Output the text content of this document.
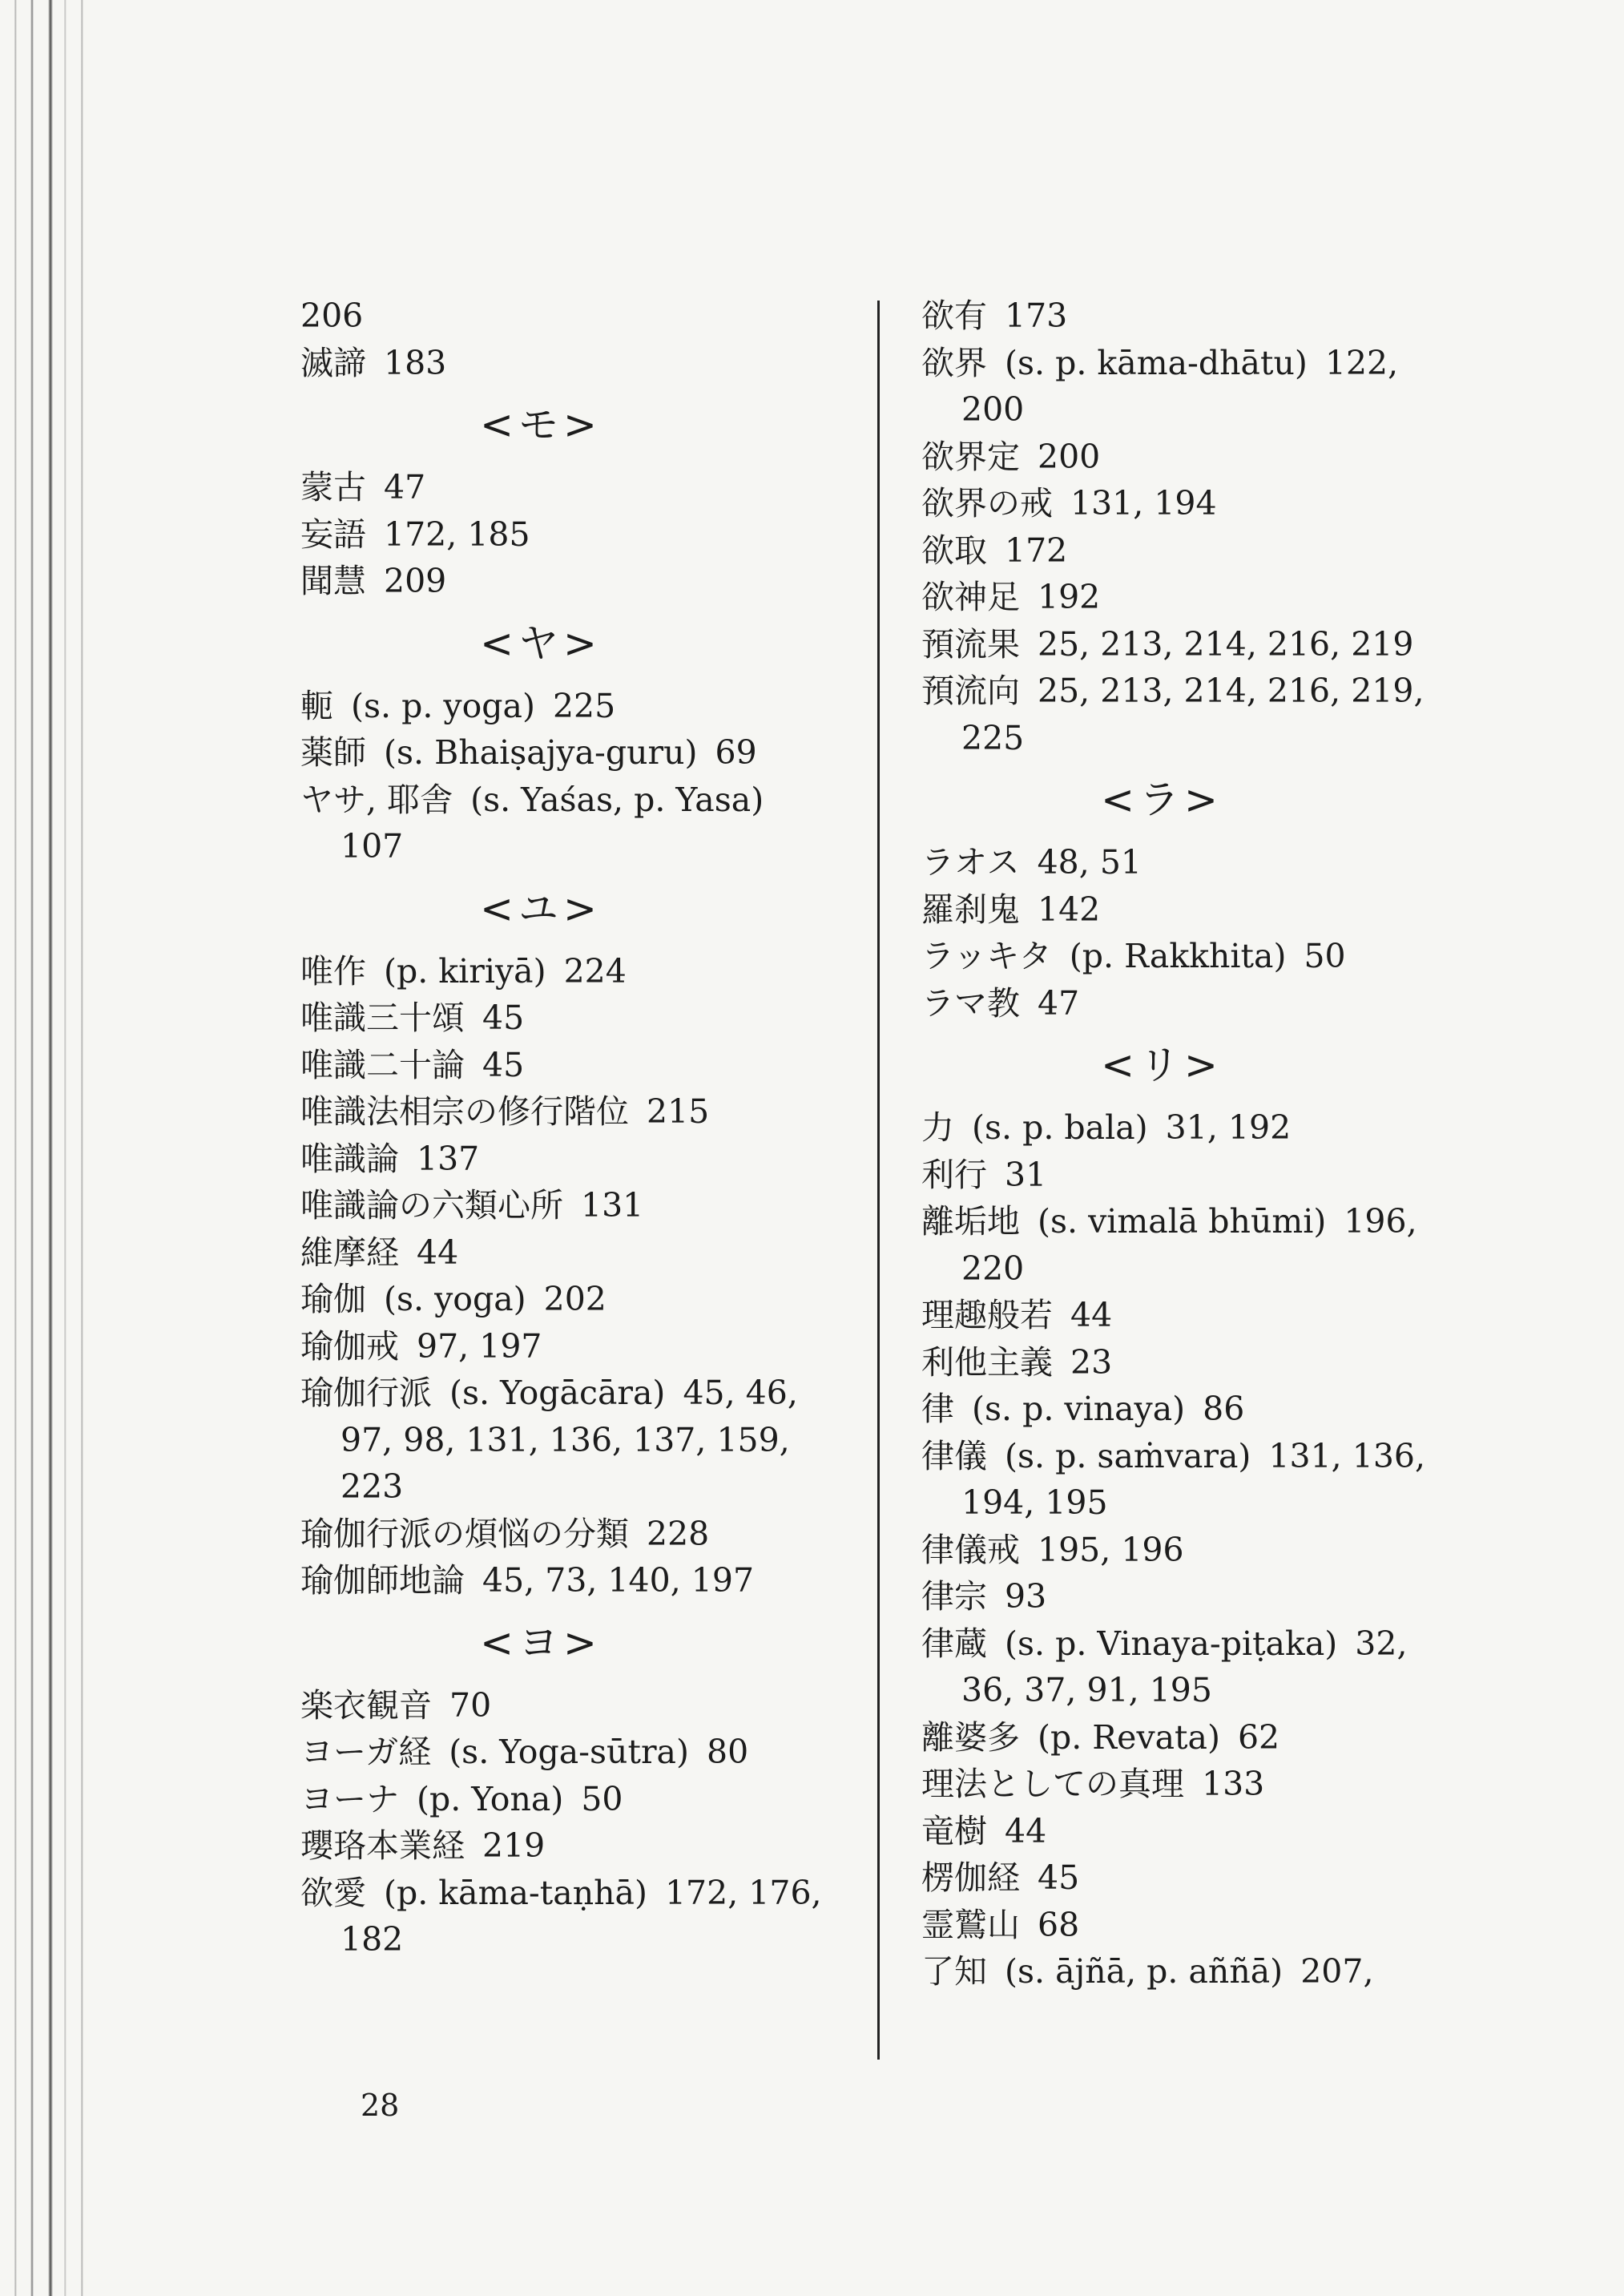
206
滅諦 183
<モ>
蒙古 47
妄語 172, 185
聞慧 209
<ヤ>
軛 (s. p. yoga) 225
薬師 (s. Bhaiṣajya-guru) 69
ヤサ, 耶舎 (s. Yaśas, p. Yasa)
107
<ユ>
唯作 (p. kiriyā) 224
唯識三十頌 45
唯識二十論 45
唯識法相宗の修行階位 215
唯識論 137
唯識論の六類心所 131
維摩経 44
瑜伽 (s. yoga) 202
瑜伽戒 97, 197
瑜伽行派 (s. Yogācāra) 45, 46,
97, 98, 131, 136, 137, 159,
223
瑜伽行派の煩悩の分類 228
瑜伽師地論 45, 73, 140, 197
<ヨ>
楽衣観音 70
ヨーガ経 (s. Yoga-sūtra) 80
ヨーナ (p. Yona) 50
瓔珞本業経 219
欲愛 (p. kāma-taṇhā) 172, 176,
182
欲有 173
欲界 (s. p. kāma-dhātu) 122,
200
欲界定 200
欲界の戒 131, 194
欲取 172
欲神足 192
預流果 25, 213, 214, 216, 219
預流向 25, 213, 214, 216, 219,
225
<ラ>
ラオス 48, 51
羅刹鬼 142
ラッキタ (p. Rakkhita) 50
ラマ教 47
<リ>
力 (s. p. bala) 31, 192
利行 31
離垢地 (s. vimalā bhūmi) 196,
220
理趣般若 44
利他主義 23
律 (s. p. vinaya) 86
律儀 (s. p. saṁvara) 131, 136,
194, 195
律儀戒 195, 196
律宗 93
律蔵 (s. p. Vinaya-piṭaka) 32,
36, 37, 91, 195
離婆多 (p. Revata) 62
理法としての真理 133
竜樹 44
楞伽経 45
霊鷲山 68
了知 (s. ājñā, p. aññā) 207,
28
